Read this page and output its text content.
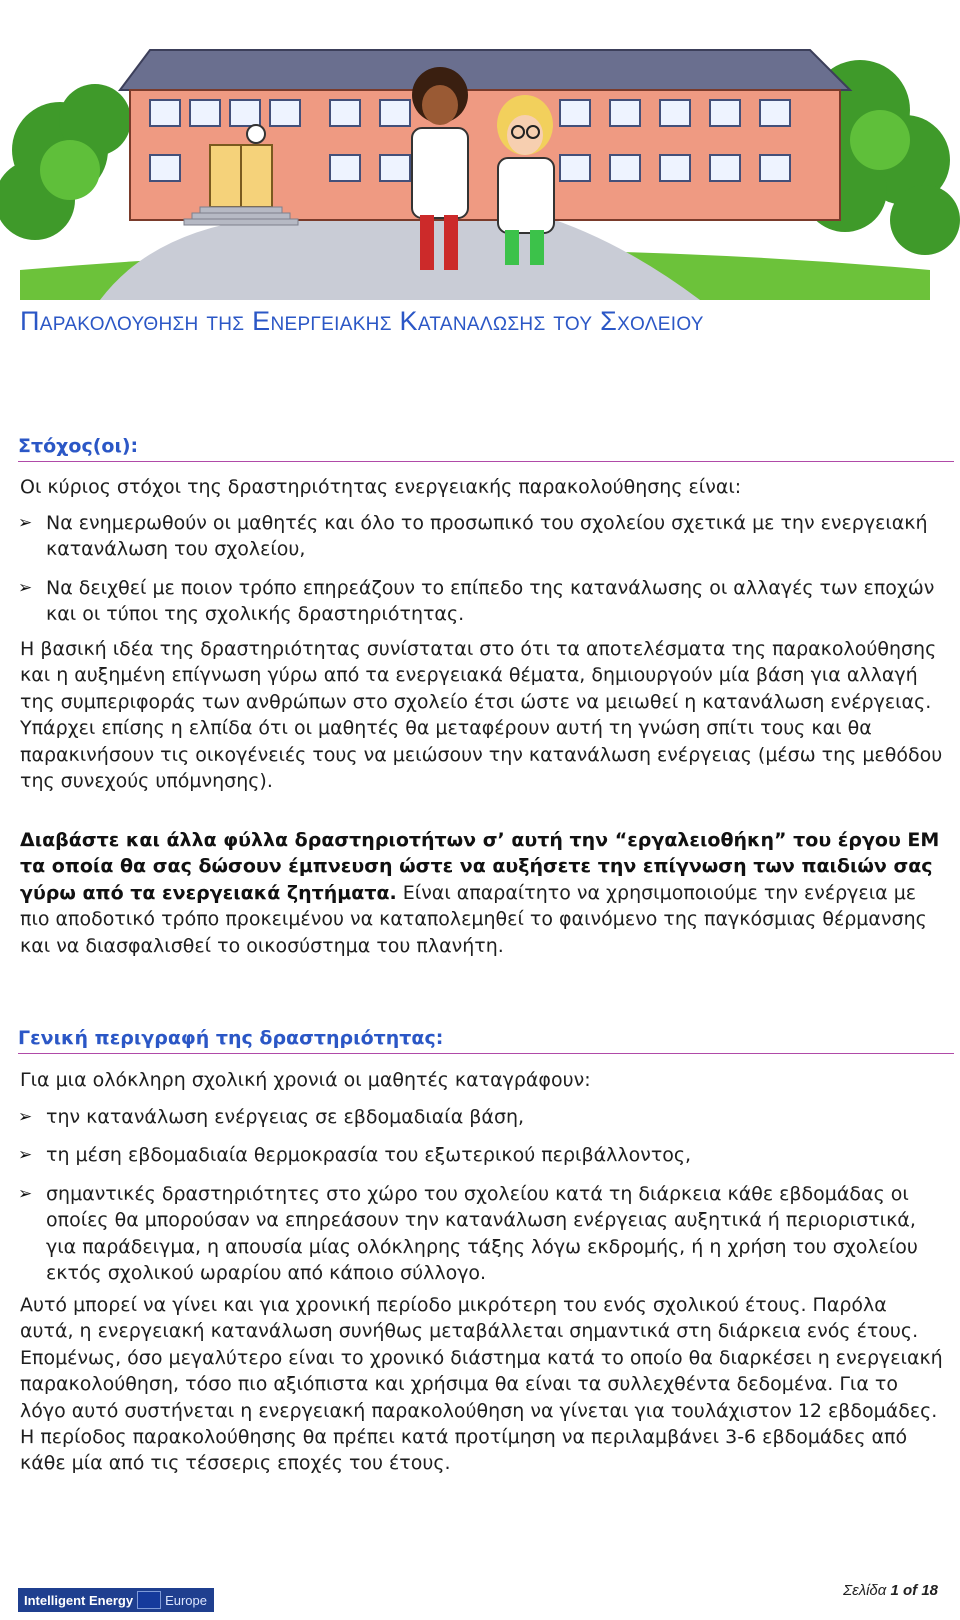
Παρακολουθηση της Ενεργειακης Καταναλωσης του Σχολειου
Στόχος(οι):

Οι κύριος στόχοι της δραστηριότητας ενεργειακής παρακολούθησης είναι:

➢ Να ενημερωθούν οι μαθητές και όλο το προσωπικό του σχολείου σχετικά με την ενεργειακή κατανάλωση του σχολείου,
➢ Να δειχθεί με ποιον τρόπο επηρεάζουν το επίπεδο της κατανάλωσης οι αλλαγές των εποχών και οι τύποι της σχολικής δραστηριότητας.

Η βασική ιδέα της δραστηριότητας συνίσταται στο ότι τα αποτελέσματα της παρακολούθησης και η αυξημένη επίγνωση γύρω από τα ενεργειακά θέματα, δημιουργούν μία βάση για αλλαγή της συμπεριφοράς των ανθρώπων στο σχολείο έτσι ώστε να μειωθεί η κατανάλωση ενέργειας. Υπάρχει επίσης η ελπίδα ότι οι μαθητές θα μεταφέρουν αυτή τη γνώση σπίτι τους και θα παρακινήσουν τις οικογένειές τους να μειώσουν την κατανάλωση ενέργειας (μέσω της μεθόδου της συνεχούς υπόμνησης).

Διαβάστε και άλλα φύλλα δραστηριοτήτων σ’ αυτή την “εργαλειοθήκη” του έργου ΕΜ τα οποία θα σας δώσουν έμπνευση ώστε να αυξήσετε την επίγνωση των παιδιών σας γύρω από τα ενεργειακά ζητήματα. Είναι απαραίτητο να χρησιμοποιούμε την ενέργεια με πιο αποδοτικό τρόπο προκειμένου να καταπολεμηθεί το φαινόμενο της παγκόσμιας θέρμανσης και να διασφαλισθεί το οικοσύστημα του πλανήτη.

Γενική περιγραφή της δραστηριότητας:

Για μια ολόκληρη σχολική χρονιά οι μαθητές καταγράφουν:

➢ την κατανάλωση ενέργειας σε εβδομαδιαία βάση,
➢ τη μέση εβδομαδιαία θερμοκρασία του εξωτερικού περιβάλλοντος,
➢ σημαντικές δραστηριότητες στο χώρο του σχολείου κατά τη διάρκεια κάθε εβδομάδας οι οποίες θα μπορούσαν να επηρεάσουν την κατανάλωση ενέργειας αυξητικά ή περιοριστικά, για παράδειγμα, η απουσία μίας ολόκληρης τάξης λόγω εκδρομής, ή η χρήση του σχολείου εκτός σχολικού ωραρίου από κάποιο σύλλογο.

Αυτό μπορεί να γίνει και για χρονική περίοδο μικρότερη του ενός σχολικού έτους. Παρόλα αυτά, η ενεργειακή κατανάλωση συνήθως μεταβάλλεται σημαντικά στη διάρκεια ενός έτους. Επομένως, όσο μεγαλύτερο είναι το χρονικό διάστημα κατά το οποίο θα διαρκέσει η ενεργειακή παρακολούθηση, τόσο πιο αξιόπιστα και χρήσιμα θα είναι τα συλλεχθέντα δεδομένα. Για το λόγο αυτό συστήνεται η ενεργειακή παρακολούθηση να γίνεται για τουλάχιστον 12 εβδομάδες. Η περίοδος παρακολούθησης θα πρέπει κατά προτίμηση να περιλαμβάνει 3-6 εβδομάδες από κάθε μία από τις τέσσερις εποχές του έτους.

Intelligent Energy Europe
Σελίδα 1 of 18
